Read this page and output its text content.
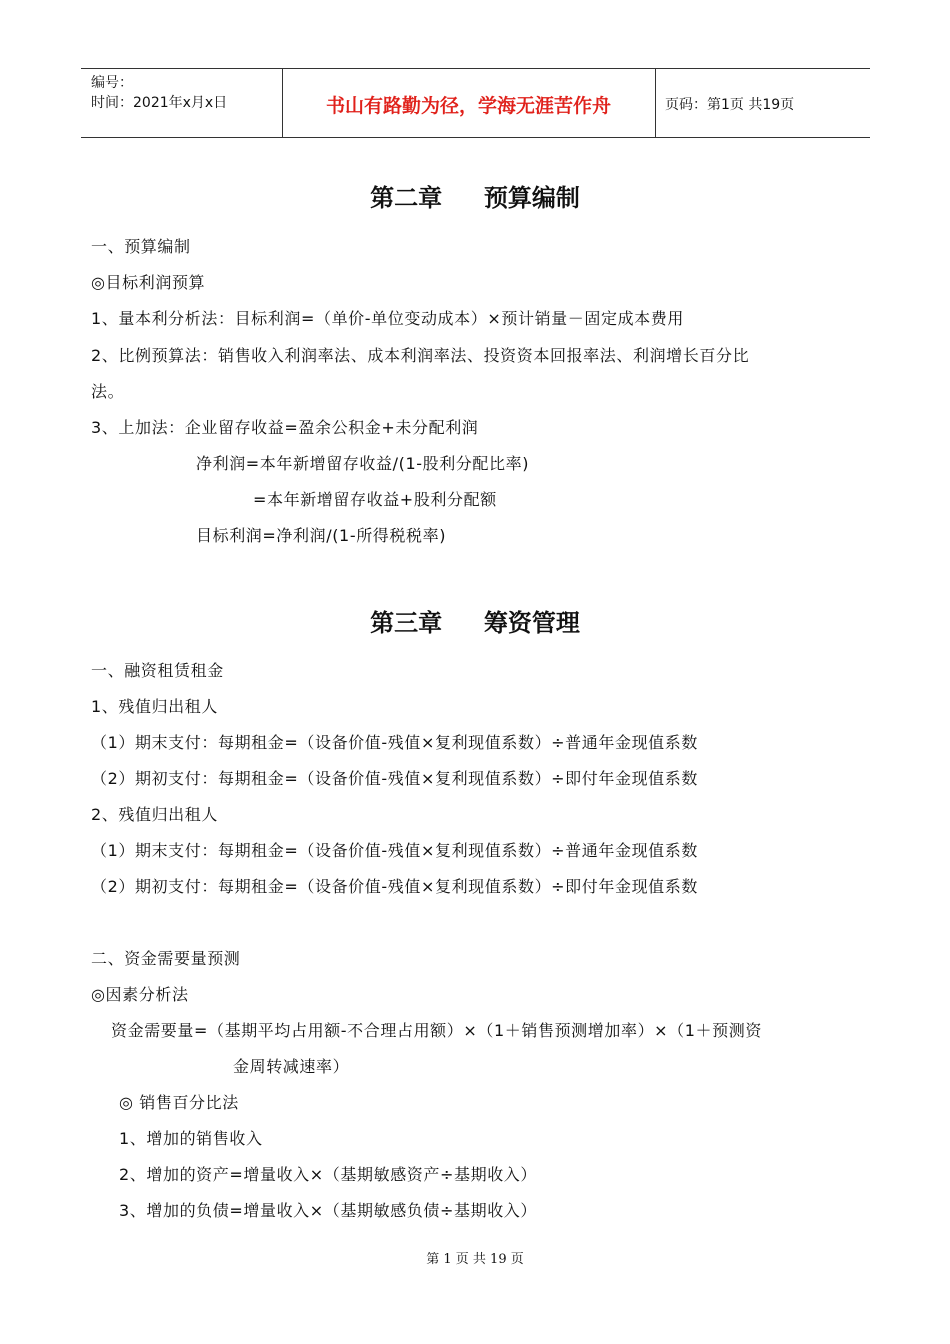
编号：
时间：2021年x月x日	书山有路勤为径，学海无涯苦作舟	页码：第1页 共19页
第二章     预算编制
一、预算编制
◎目标利润预算
1、量本利分析法：目标利润=（单价-单位变动成本）×预计销量－固定成本费用
2、比例预算法：销售收入利润率法、成本利润率法、投资资本回报率法、利润增长百分比
法。
3、上加法：企业留存收益=盈余公积金+未分配利润
净利润=本年新增留存收益/(1-股利分配比率)
=本年新增留存收益+股利分配额
目标利润=净利润/(1-所得税税率)
第三章     筹资管理
一、融资租赁租金
1、残值归出租人
（1）期末支付：每期租金=（设备价值-残值×复利现值系数）÷普通年金现值系数
（2）期初支付：每期租金=（设备价值-残值×复利现值系数）÷即付年金现值系数
2、残值归出租人
（1）期末支付：每期租金=（设备价值-残值×复利现值系数）÷普通年金现值系数
（2）期初支付：每期租金=（设备价值-残值×复利现值系数）÷即付年金现值系数
二、资金需要量预测
◎因素分析法
资金需要量=（基期平均占用额-不合理占用额）×（1＋销售预测增加率）×（1＋预测资
金周转减速率）
◎ 销售百分比法
1、增加的销售收入
2、增加的资产=增量收入×（基期敏感资产÷基期收入）
3、增加的负债=增量收入×（基期敏感负债÷基期收入）
第 1 页 共 19 页
